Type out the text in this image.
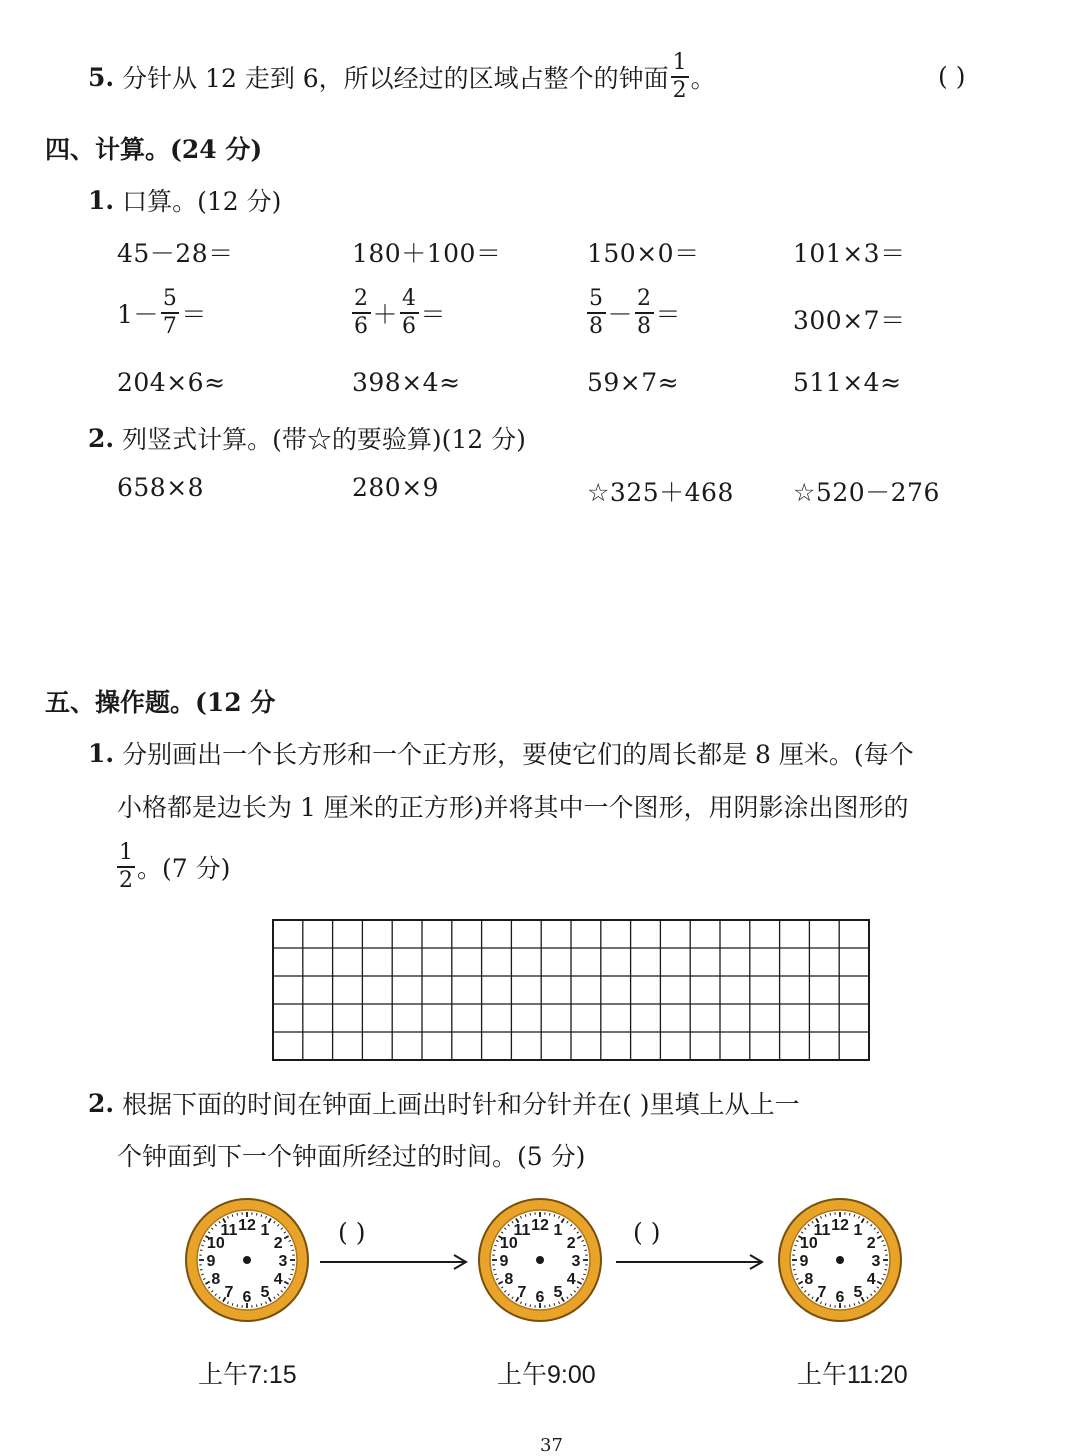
5. 分针从 12 走到 6，所以经过的区域占整个的钟面 $\frac{1}{2}$ 。	( )
四、计算。(24 分)
1. 口算。(12 分)
45－28＝	180＋100＝	150×0＝	101×3＝
$1- \frac{5}{7}$ ＝	$\frac{2}{6} + \frac{4}{6}$ ＝	$\frac{5}{8} - \frac{2}{8}$ ＝	300×7＝
204×6≈	398×4≈	59×7≈	511×4≈
2. 列竖式计算。(带☆的要验算)(12 分)
658×8	280×9	☆325＋468 ☆520－276
五、操作题。(12 分
1. 分别画出一个长方形和一个正方形，要使它们的周长都是 8 厘米。(每个
小格都是边长为 1 厘米的正方形)并将其中一个图形，用阴影涂出图形的
$\frac{1}{2}$ 。(7 分)
2. 根据下面的时间在钟面上画出时针和分针并在( )里填上从上一
个钟面到下一个钟面所经过的时间。(5 分)
12 1
2
3
4
5
6
7
8
9
10
11	12 1
2
3
4
5
6
7
8
9
10
11	12 1
2
3
4
5
6
7
8
9
10
11
( )	( )
上午7:15	上午9:00	上午11:20
37
